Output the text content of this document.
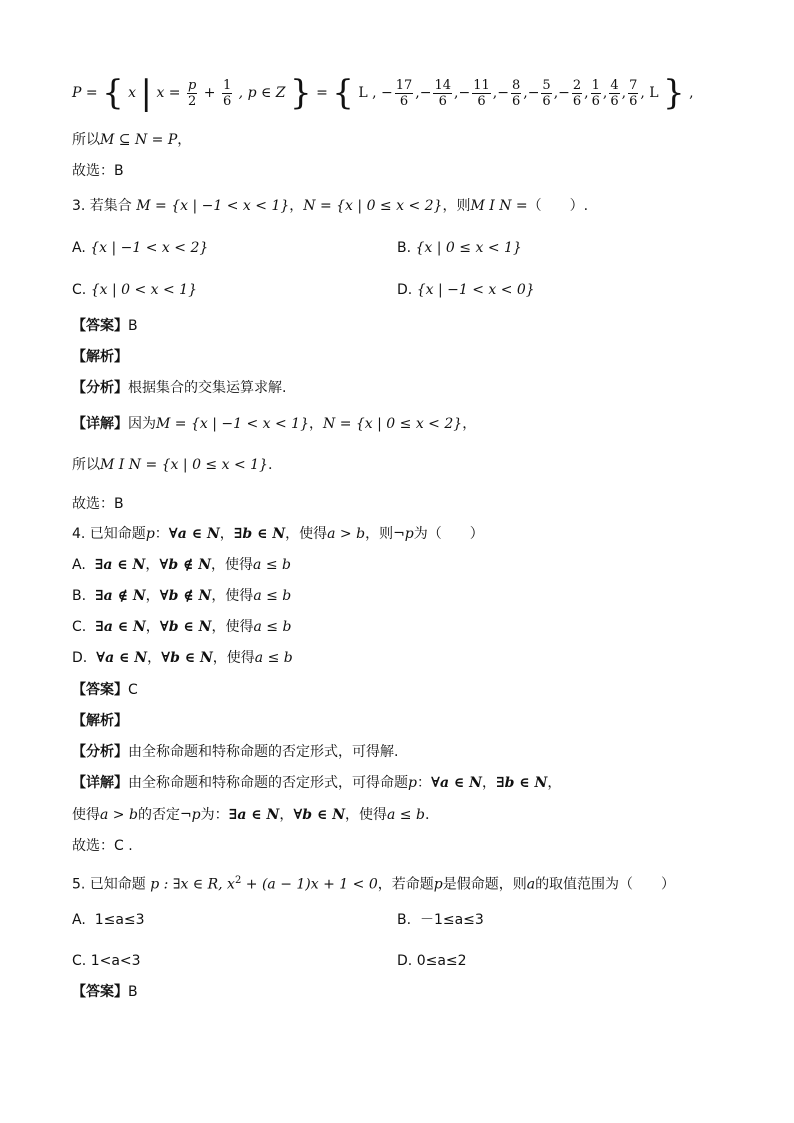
P = { x | $x = \frac{p}{2} + \frac{1}{6}$ , p ∈ Z } = { L , − $\frac{17}{6}$ ,− $\frac{14}{6}$ ,− $\frac{11}{6}$ ,− $\frac{8}{6}$ ,− $\frac{5}{6}$ ,− $\frac{2}{6}$ , $\frac{1}{6}$ , $\frac{4}{6}$ , $\frac{7}{6}$ , L } ,
所以M ⊆ N = P，
故选：B
3. 若集合 M = {x | −1 < x < 1}，N = {x | 0 ≤ x < 2}，则M I N =（　　）.
A. {x | −1 < x < 2}	B. {x | 0 ≤ x < 1}
C. {x | 0 < x < 1}	D. {x | −1 < x < 0}
【答案】B
【解析】
【分析】根据集合的交集运算求解.
【详解】因为M = {x | −1 < x < 1}，N = {x | 0 ≤ x < 2}，
所以M I N = {x | 0 ≤ x < 1}.
故选：B
4. 已知命题p：∀a ∈ N，∃b ∈ N，使得a > b，则¬p为（　　）
A. ∃a ∈ N，∀b ∉ N，使得a ≤ b
B. ∃a ∉ N，∀b ∉ N，使得a ≤ b
C. ∃a ∈ N，∀b ∈ N，使得a ≤ b
D. ∀a ∈ N，∀b ∈ N，使得a ≤ b
【答案】C
【解析】
【分析】由全称命题和特称命题的否定形式，可得解.
【详解】由全称命题和特称命题的否定形式，可得命题p：∀a ∈ N，∃b ∈ N，
使得a > b的否定¬p为：∃a ∈ N，∀b ∈ N，使得a ≤ b.
故选：C .
5. 已知命题 p : ∃x ∈ R, $x^2 + (a - 1)x + 1 < 0$，若命题p是假命题，则a的取值范围为（　　）
A. 1≤a≤3	B. －1≤a≤3
C. 1<a<3	D. 0≤a≤2
【答案】B
